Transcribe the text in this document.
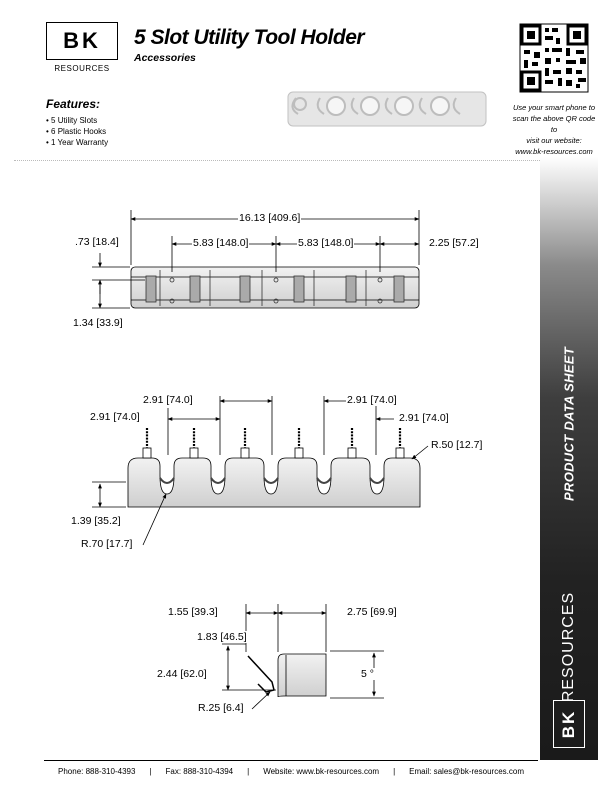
BK
RESOURCES
5 Slot Utility Tool Holder
Accessories
Features:
• 5 Utility Slots
• 6 Plastic Hooks
• 1 Year Warranty
Use your smart phone to
scan the above QR code to
visit our website:
www.bk-resources.com
PRODUCT DATA SHEET
RESOURCES
BK
16.13 [409.6]
5.83 [148.0]	5.83 [148.0]	2.25 [57.2]
.73 [18.4]
1.34 [33.9]
2.91 [74.0]
2.91 [74.0]
2.91 [74.0]
2.91 [74.0]
R.50 [12.7]
1.39 [35.2]
R.70 [17.7]
1.55 [39.3]	2.75 [69.9]
1.83 [46.5]
2.44 [62.0]	5 °
R.25 [6.4]
Phone: 888-310-4393	|	Fax: 888-310-4394	|	Website: www.bk-resources.com	|	Email: sales@bk-resources.com
